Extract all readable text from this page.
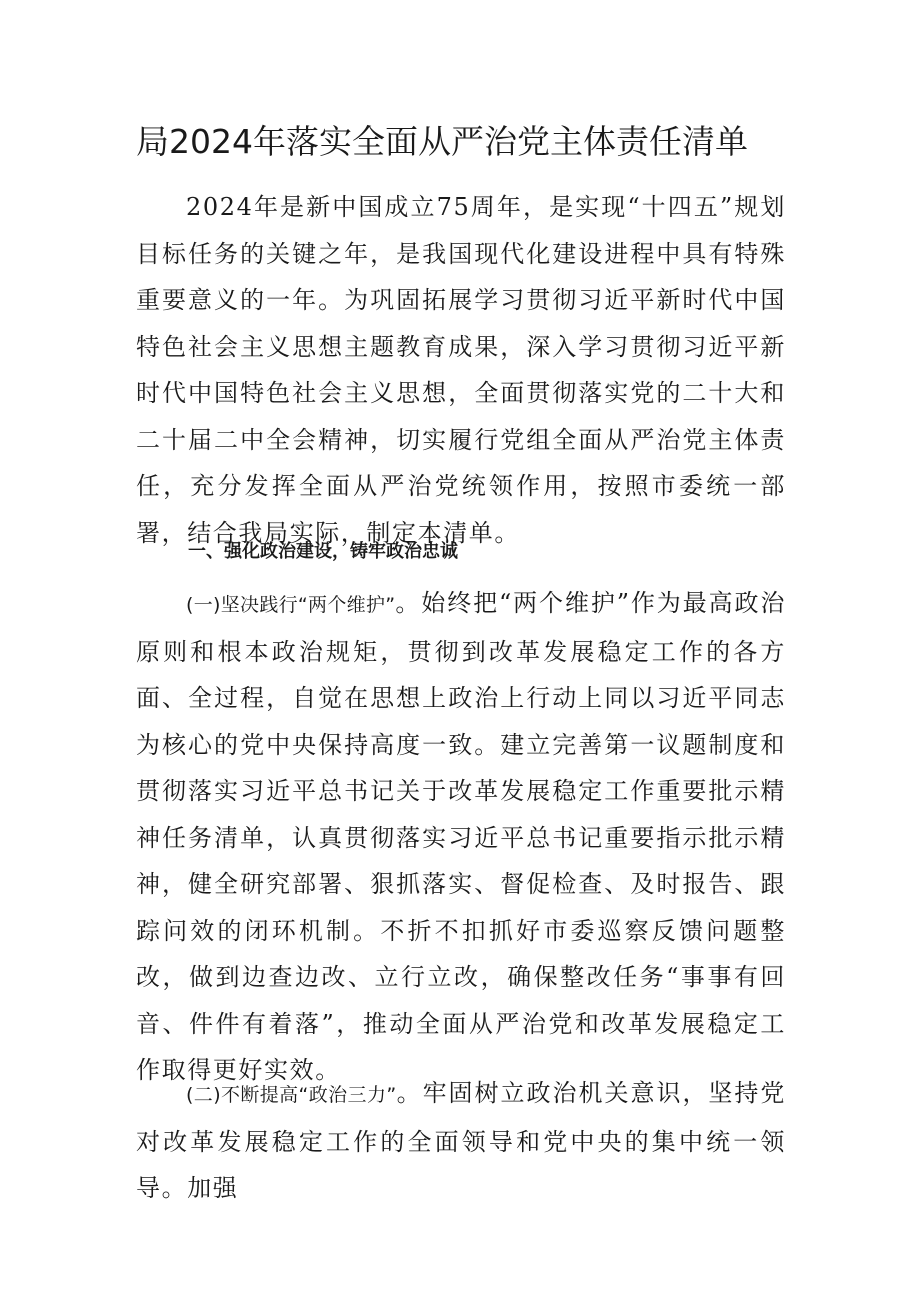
局2024年落实全面从严治党主体责任清单

2024年是新中国成立75周年，是实现“十四五”规划目标任务的关键之年，是我国现代化建设进程中具有特殊重要意义的一年。为巩固拓展学习贯彻习近平新时代中国特色社会主义思想主题教育成果，深入学习贯彻习近平新时代中国特色社会主义思想，全面贯彻落实党的二十大和二十届二中全会精神，切实履行党组全面从严治党主体责任，充分发挥全面从严治党统领作用，按照市委统一部署，结合我局实际，制定本清单。

一、强化政治建设，铸牢政治忠诚

(一)坚决践行“两个维护”。始终把“两个维护”作为最高政治原则和根本政治规矩，贯彻到改革发展稳定工作的各方面、全过程，自觉在思想上政治上行动上同以习近平同志为核心的党中央保持高度一致。建立完善第一议题制度和贯彻落实习近平总书记关于改革发展稳定工作重要批示精神任务清单，认真贯彻落实习近平总书记重要指示批示精神，健全研究部署、狠抓落实、督促检查、及时报告、跟踪问效的闭环机制。不折不扣抓好市委巡察反馈问题整改，做到边查边改、立行立改，确保整改任务“事事有回音、件件有着落”，推动全面从严治党和改革发展稳定工作取得更好实效。

(二)不断提高“政治三力”。牢固树立政治机关意识，坚持党对改革发展稳定工作的全面领导和党中央的集中统一领导。加强
